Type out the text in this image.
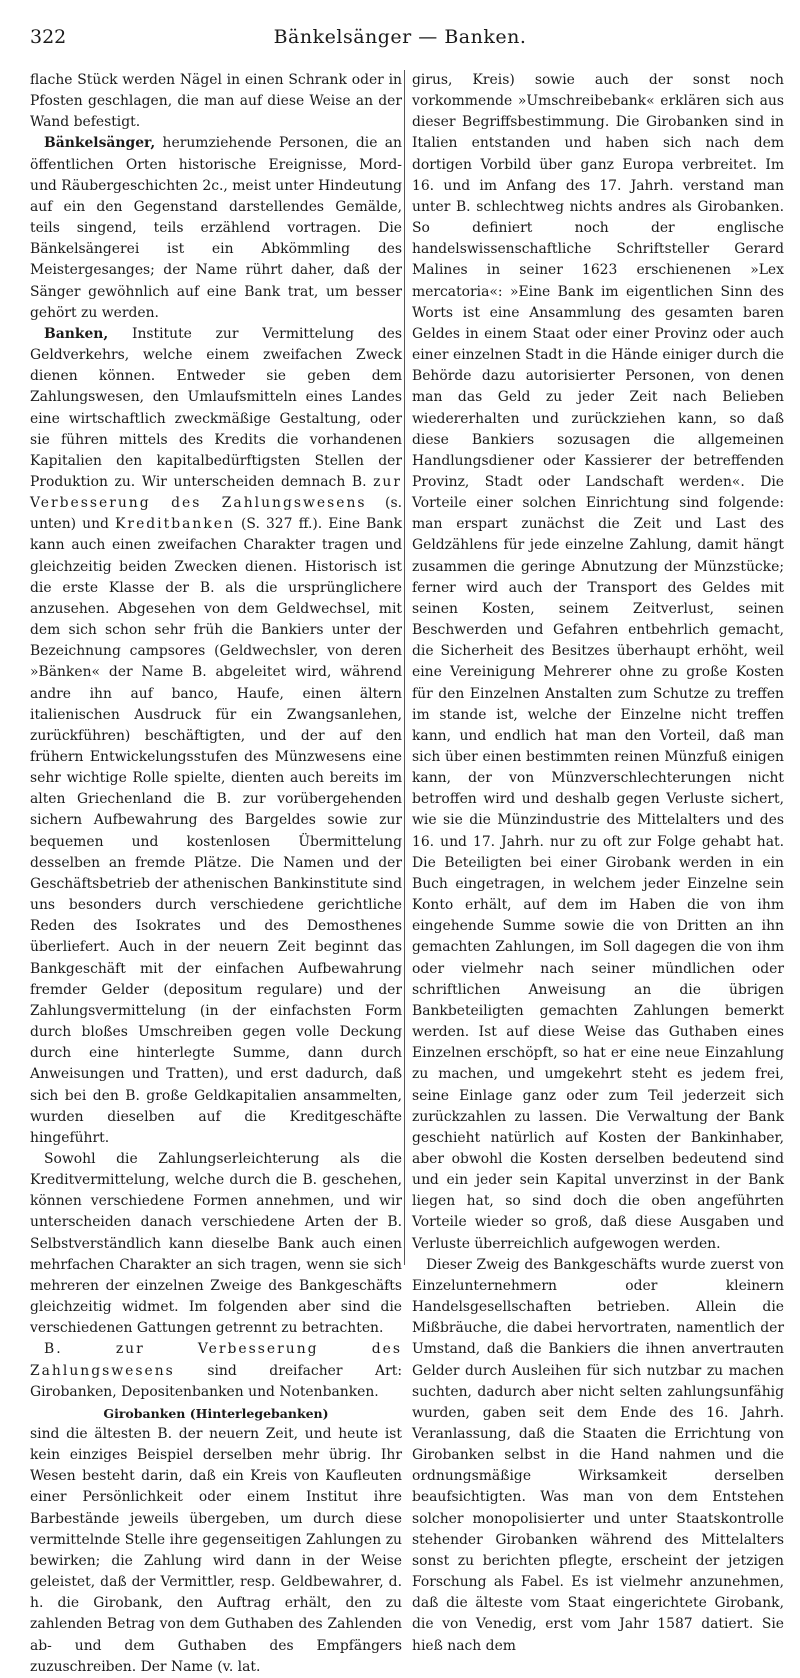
322	Bänkelsänger — Banken.

flache Stück werden Nägel in einen Schrank oder in Pfosten geschlagen, die man auf diese Weise an der Wand befestigt.

Bänkelsänger, herumziehende Personen, die an öffentlichen Orten historische Ereignisse, Mord- und Räubergeschichten 2c., meist unter Hindeutung auf ein den Gegenstand darstellendes Gemälde, teils singend, teils erzählend vortragen. Die Bänkelsängerei ist ein Abkömmling des Meistergesanges; der Name rührt daher, daß der Sänger gewöhnlich auf eine Bank trat, um besser gehört zu werden.

Banken, Institute zur Vermittelung des Geldverkehrs, welche einem zweifachen Zweck dienen können. Entweder sie geben dem Zahlungswesen, den Umlaufsmitteln eines Landes eine wirtschaftlich zweckmäßige Gestaltung, oder sie führen mittels des Kredits die vorhandenen Kapitalien den kapitalbedürftigsten Stellen der Produktion zu. Wir unterscheiden demnach B. zur Verbesserung des Zahlungswesens (s. unten) und Kreditbanken (S. 327 ff.). Eine Bank kann auch einen zweifachen Charakter tragen und gleichzeitig beiden Zwecken dienen. Historisch ist die erste Klasse der B. als die ursprünglichere anzusehen. Abgesehen von dem Geldwechsel, mit dem sich schon sehr früh die Bankiers unter der Bezeichnung campsores (Geldwechsler, von deren »Bänken« der Name B. abgeleitet wird, während andre ihn auf banco, Haufe, einen ältern italienischen Ausdruck für ein Zwangsanlehen, zurückführen) beschäftigten, und der auf den frühern Entwickelungsstufen des Münzwesens eine sehr wichtige Rolle spielte, dienten auch bereits im alten Griechenland die B. zur vorübergehenden sichern Aufbewahrung des Bargeldes sowie zur bequemen und kostenlosen Übermittelung desselben an fremde Plätze. Die Namen und der Geschäftsbetrieb der athenischen Bankinstitute sind uns besonders durch verschiedene gerichtliche Reden des Isokrates und des Demosthenes überliefert. Auch in der neuern Zeit beginnt das Bankgeschäft mit der einfachen Aufbewahrung fremder Gelder (depositum regulare) und der Zahlungsvermittelung (in der einfachsten Form durch bloßes Umschreiben gegen volle Deckung durch eine hinterlegte Summe, dann durch Anweisungen und Tratten), und erst dadurch, daß sich bei den B. große Geldkapitalien ansammelten, wurden dieselben auf die Kreditgeschäfte hingeführt.

Sowohl die Zahlungserleichterung als die Kreditvermittelung, welche durch die B. geschehen, können verschiedene Formen annehmen, und wir unterscheiden danach verschiedene Arten der B. Selbstverständlich kann dieselbe Bank auch einen mehrfachen Charakter an sich tragen, wenn sie sich mehreren der einzelnen Zweige des Bankgeschäfts gleichzeitig widmet. Im folgenden aber sind die verschiedenen Gattungen getrennt zu betrachten.

B. zur Verbesserung des Zahlungswesens sind dreifacher Art: Girobanken, Depositenbanken und Notenbanken.

Girobanken (Hinterlegebanken)

sind die ältesten B. der neuern Zeit, und heute ist kein einziges Beispiel derselben mehr übrig. Ihr Wesen besteht darin, daß ein Kreis von Kaufleuten einer Persönlichkeit oder einem Institut ihre Barbestände jeweils übergeben, um durch diese vermittelnde Stelle ihre gegenseitigen Zahlungen zu bewirken; die Zahlung wird dann in der Weise geleistet, daß der Vermittler, resp. Geldbewahrer, d. h. die Girobank, den Auftrag erhält, den zu zahlenden Betrag von dem Guthaben des Zahlenden ab- und dem Guthaben des Empfängers zuzuschreiben. Der Name (v. lat.

girus, Kreis) sowie auch der sonst noch vorkommende »Umschreibebank« erklären sich aus dieser Begriffsbestimmung. Die Girobanken sind in Italien entstanden und haben sich nach dem dortigen Vorbild über ganz Europa verbreitet. Im 16. und im Anfang des 17. Jahrh. verstand man unter B. schlechtweg nichts andres als Girobanken. So definiert noch der englische handelswissenschaftliche Schriftsteller Gerard Malines in seiner 1623 erschienenen »Lex mercatoria«: »Eine Bank im eigentlichen Sinn des Worts ist eine Ansammlung des gesamten baren Geldes in einem Staat oder einer Provinz oder auch einer einzelnen Stadt in die Hände einiger durch die Behörde dazu autorisierter Personen, von denen man das Geld zu jeder Zeit nach Belieben wiedererhalten und zurückziehen kann, so daß diese Bankiers sozusagen die allgemeinen Handlungsdiener oder Kassierer der betreffenden Provinz, Stadt oder Landschaft werden«. Die Vorteile einer solchen Einrichtung sind folgende: man erspart zunächst die Zeit und Last des Geldzählens für jede einzelne Zahlung, damit hängt zusammen die geringe Abnutzung der Münzstücke; ferner wird auch der Transport des Geldes mit seinen Kosten, seinem Zeitverlust, seinen Beschwerden und Gefahren entbehrlich gemacht, die Sicherheit des Besitzes überhaupt erhöht, weil eine Vereinigung Mehrerer ohne zu große Kosten für den Einzelnen Anstalten zum Schutze zu treffen im stande ist, welche der Einzelne nicht treffen kann, und endlich hat man den Vorteil, daß man sich über einen bestimmten reinen Münzfuß einigen kann, der von Münzverschlechterungen nicht betroffen wird und deshalb gegen Verluste sichert, wie sie die Münzindustrie des Mittelalters und des 16. und 17. Jahrh. nur zu oft zur Folge gehabt hat. Die Beteiligten bei einer Girobank werden in ein Buch eingetragen, in welchem jeder Einzelne sein Konto erhält, auf dem im Haben die von ihm eingehende Summe sowie die von Dritten an ihn gemachten Zahlungen, im Soll dagegen die von ihm oder vielmehr nach seiner mündlichen oder schriftlichen Anweisung an die übrigen Bankbeteiligten gemachten Zahlungen bemerkt werden. Ist auf diese Weise das Guthaben eines Einzelnen erschöpft, so hat er eine neue Einzahlung zu machen, und umgekehrt steht es jedem frei, seine Einlage ganz oder zum Teil jederzeit sich zurückzahlen zu lassen. Die Verwaltung der Bank geschieht natürlich auf Kosten der Bankinhaber, aber obwohl die Kosten derselben bedeutend sind und ein jeder sein Kapital unverzinst in der Bank liegen hat, so sind doch die oben angeführten Vorteile wieder so groß, daß diese Ausgaben und Verluste überreichlich aufgewogen werden.

Dieser Zweig des Bankgeschäfts wurde zuerst von Einzelunternehmern oder kleinern Handelsgesellschaften betrieben. Allein die Mißbräuche, die dabei hervortraten, namentlich der Umstand, daß die Bankiers die ihnen anvertrauten Gelder durch Ausleihen für sich nutzbar zu machen suchten, dadurch aber nicht selten zahlungsunfähig wurden, gaben seit dem Ende des 16. Jahrh. Veranlassung, daß die Staaten die Errichtung von Girobanken selbst in die Hand nahmen und die ordnungsmäßige Wirksamkeit derselben beaufsichtigten. Was man von dem Entstehen solcher monopolisierter und unter Staatskontrolle stehender Girobanken während des Mittelalters sonst zu berichten pflegte, erscheint der jetzigen Forschung als Fabel. Es ist vielmehr anzunehmen, daß die älteste vom Staat eingerichtete Girobank, die von Venedig, erst vom Jahr 1587 datiert. Sie hieß nach dem
